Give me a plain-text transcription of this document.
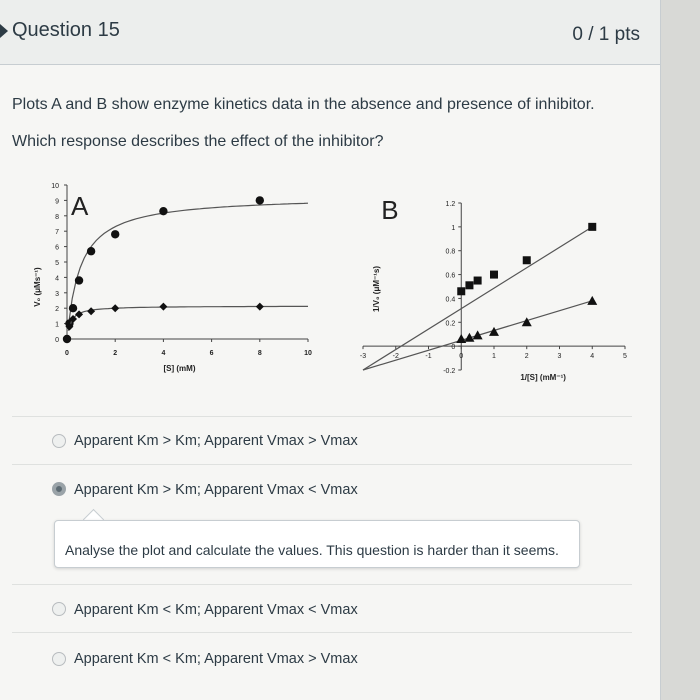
Question 15	0 / 1 pts
Plots A and B show enzyme kinetics data in the absence and presence of inhibitor.
Which response describes the effect of the inhibitor?
0
1
2
3
4
5
6
7
8
9
10
0	2	4	6	8	10
A
[S] (mM)
V₀ (μMs⁻¹)
-0.2
0
0.2
0.4
0.6
0.8
1
1.2
-3	-2	-1	0	1	2	3	4	5
B
1/[S] (mM⁻¹)
1/V₀ (μM⁻¹s)
Apparent Km > Km; Apparent Vmax > Vmax
Apparent Km > Km; Apparent Vmax < Vmax
Analyse the plot and calculate the values. This question is harder than it seems.
Apparent Km < Km; Apparent Vmax < Vmax
Apparent Km < Km; Apparent Vmax > Vmax
